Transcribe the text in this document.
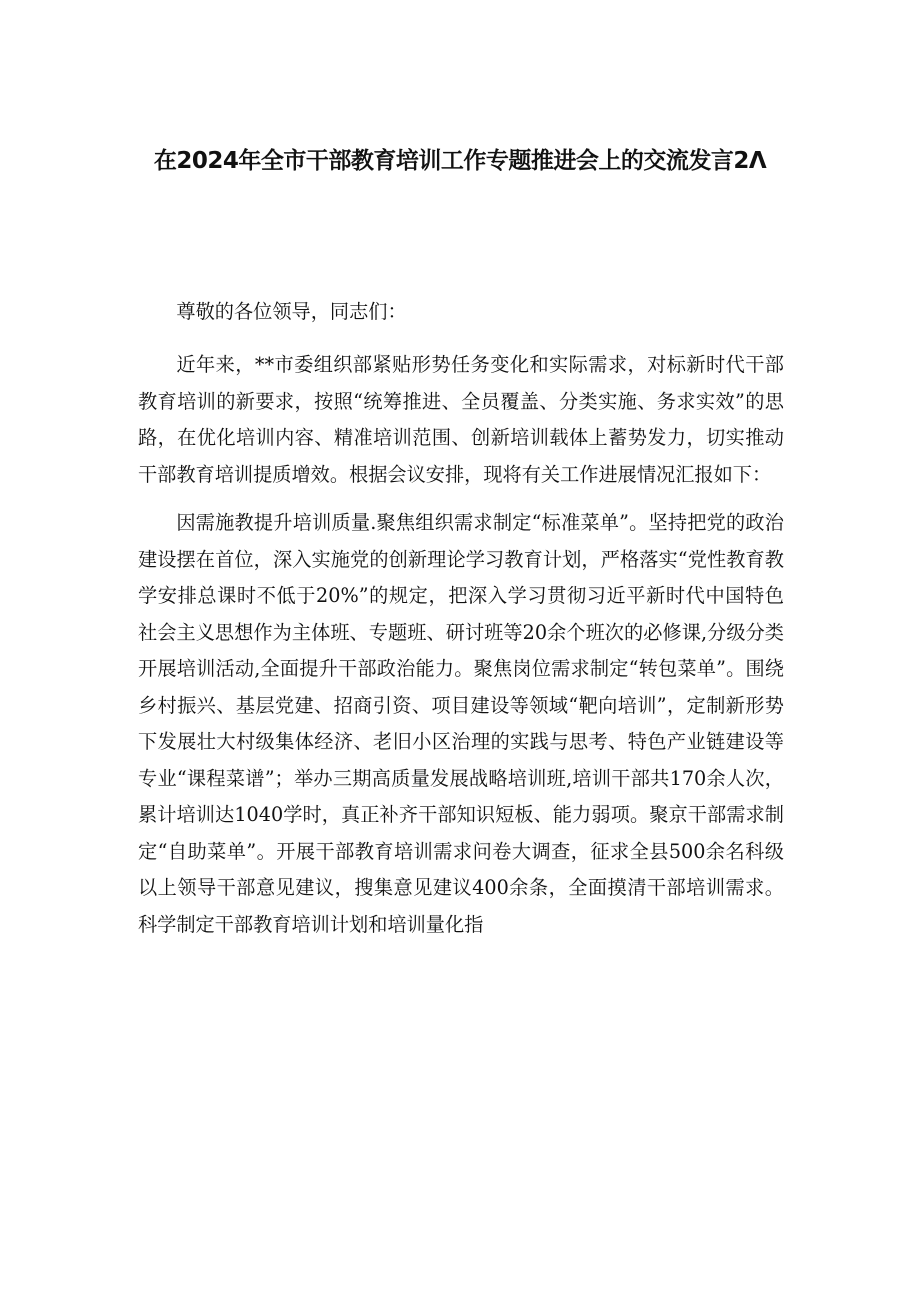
在2024年全市干部教育培训工作专题推进会上的交流发言2Λ

尊敬的各位领导，同志们：

近年来，**市委组织部紧贴形势任务变化和实际需求，对标新时代干部教育培训的新要求，按照“统筹推进、全员覆盖、分类实施、务求实效”的思路，在优化培训内容、精准培训范围、创新培训载体上蓄势发力，切实推动干部教育培训提质增效。根据会议安排，现将有关工作进展情况汇报如下：

因需施教提升培训质量.聚焦组织需求制定“标准菜单”。坚持把党的政治建设摆在首位，深入实施党的创新理论学习教育计划，严格落实“党性教育教学安排总课时不低于20%”的规定，把深入学习贯彻习近平新时代中国特色社会主义思想作为主体班、专题班、研讨班等20余个班次的必修课,分级分类开展培训活动,全面提升干部政治能力。聚焦岗位需求制定“转包菜单”。围绕乡村振兴、基层党建、招商引资、项目建设等领域“靶向培训”，定制新形势下发展壮大村级集体经济、老旧小区治理的实践与思考、特色产业链建设等专业“课程菜谱”；举办三期高质量发展战略培训班,培训干部共170余人次，累计培训达1040学时，真正补齐干部知识短板、能力弱项。聚京干部需求制定“自助菜单”。开展干部教育培训需求问卷大调查，征求全县500余名科级以上领导干部意见建议，搜集意见建议400余条，全面摸清干部培训需求。科学制定干部教育培训计划和培训量化指
